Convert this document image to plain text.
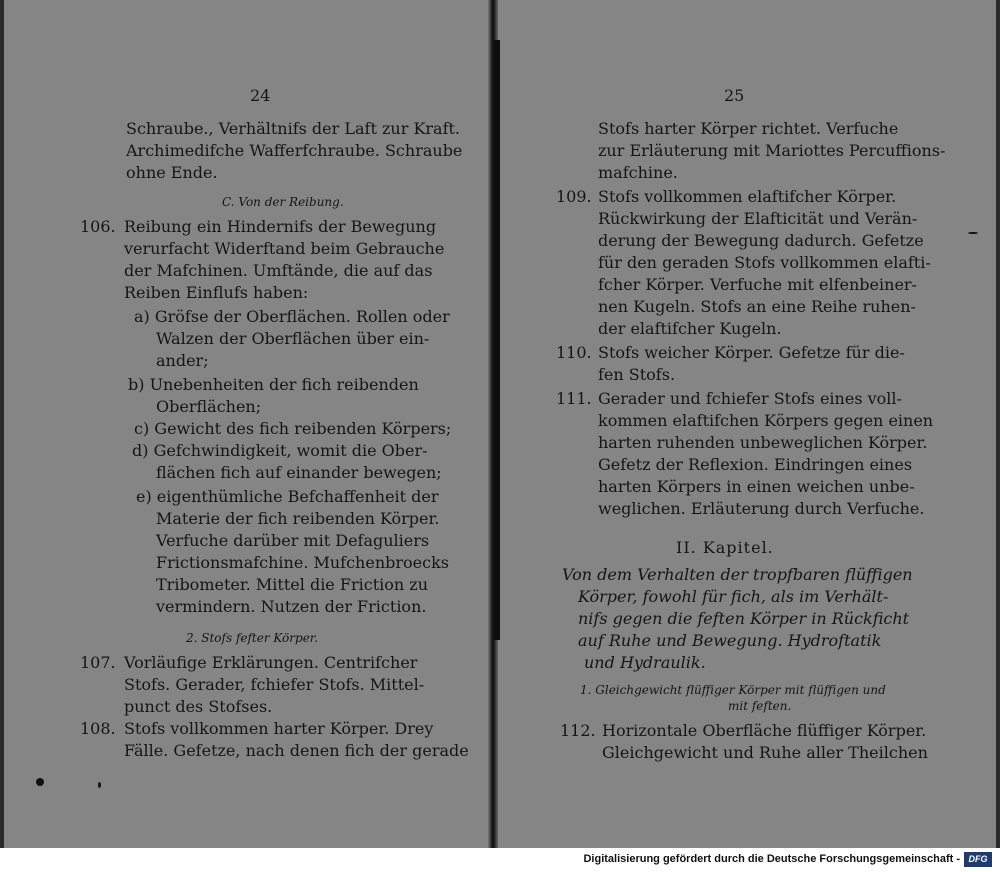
24
Schraube., Verhältnifs der Laft zur Kraft.
Archimedifche Wafferfchraube. Schraube
ohne Ende.
C. Von der Reibung.
106. Reibung ein Hindernifs der Bewegung
verurfacht Widerftand beim Gebrauche
der Mafchinen. Umftände, die auf das
Reiben Einflufs haben:
a) Gröfse der Oberflächen. Rollen oder
Walzen der Oberflächen über ein-
ander;
b) Unebenheiten der fich reibenden
Oberflächen;
c) Gewicht des fich reibenden Körpers;
d) Gefchwindigkeit, womit die Ober-
flächen fich auf einander bewegen;
e) eigenthümliche Befchaffenheit der
Materie der fich reibenden Körper.
Verfuche darüber mit Defaguliers
Frictionsmafchine. Mufchenbroecks
Tribometer. Mittel die Friction zu
vermindern. Nutzen der Friction.
2. Stofs fefter Körper.
107. Vorläufige Erklärungen. Centrifcher
Stofs. Gerader, fchiefer Stofs. Mittel-
punct des Stofses.
108. Stofs vollkommen harter Körper. Drey
Fälle. Gefetze, nach denen fich der gerade
25
Stofs harter Körper richtet. Verfuche
zur Erläuterung mit Mariottes Percuffions-
mafchine.
109. Stofs vollkommen elaftifcher Körper.
Rückwirkung der Elafticität und Verän-
derung der Bewegung dadurch. Gefetze
für den geraden Stofs vollkommen elafti-
fcher Körper. Verfuche mit elfenbeiner-
nen Kugeln. Stofs an eine Reihe ruhen-
der elaftifcher Kugeln.
110. Stofs weicher Körper. Gefetze für die-
fen Stofs.
111. Gerader und fchiefer Stofs eines voll-
kommen elaftifchen Körpers gegen einen
harten ruhenden unbeweglichen Körper.
Gefetz der Reflexion. Eindringen eines
harten Körpers in einen weichen unbe-
weglichen. Erläuterung durch Verfuche.
II. Kapitel.
Von dem Verhalten der tropfbaren flüffigen
Körper, fowohl für fich, als im Verhält-
nifs gegen die feften Körper in Rückficht
auf Ruhe und Bewegung. Hydroftatik
und Hydraulik.
1. Gleichgewicht flüffiger Körper mit flüffigen und
mit feften.
112. Horizontale Oberfläche flüffiger Körper.
Gleichgewicht und Ruhe aller Theilchen
Digitalisierung gefördert durch die Deutsche Forschungsgemeinschaft - DFG
